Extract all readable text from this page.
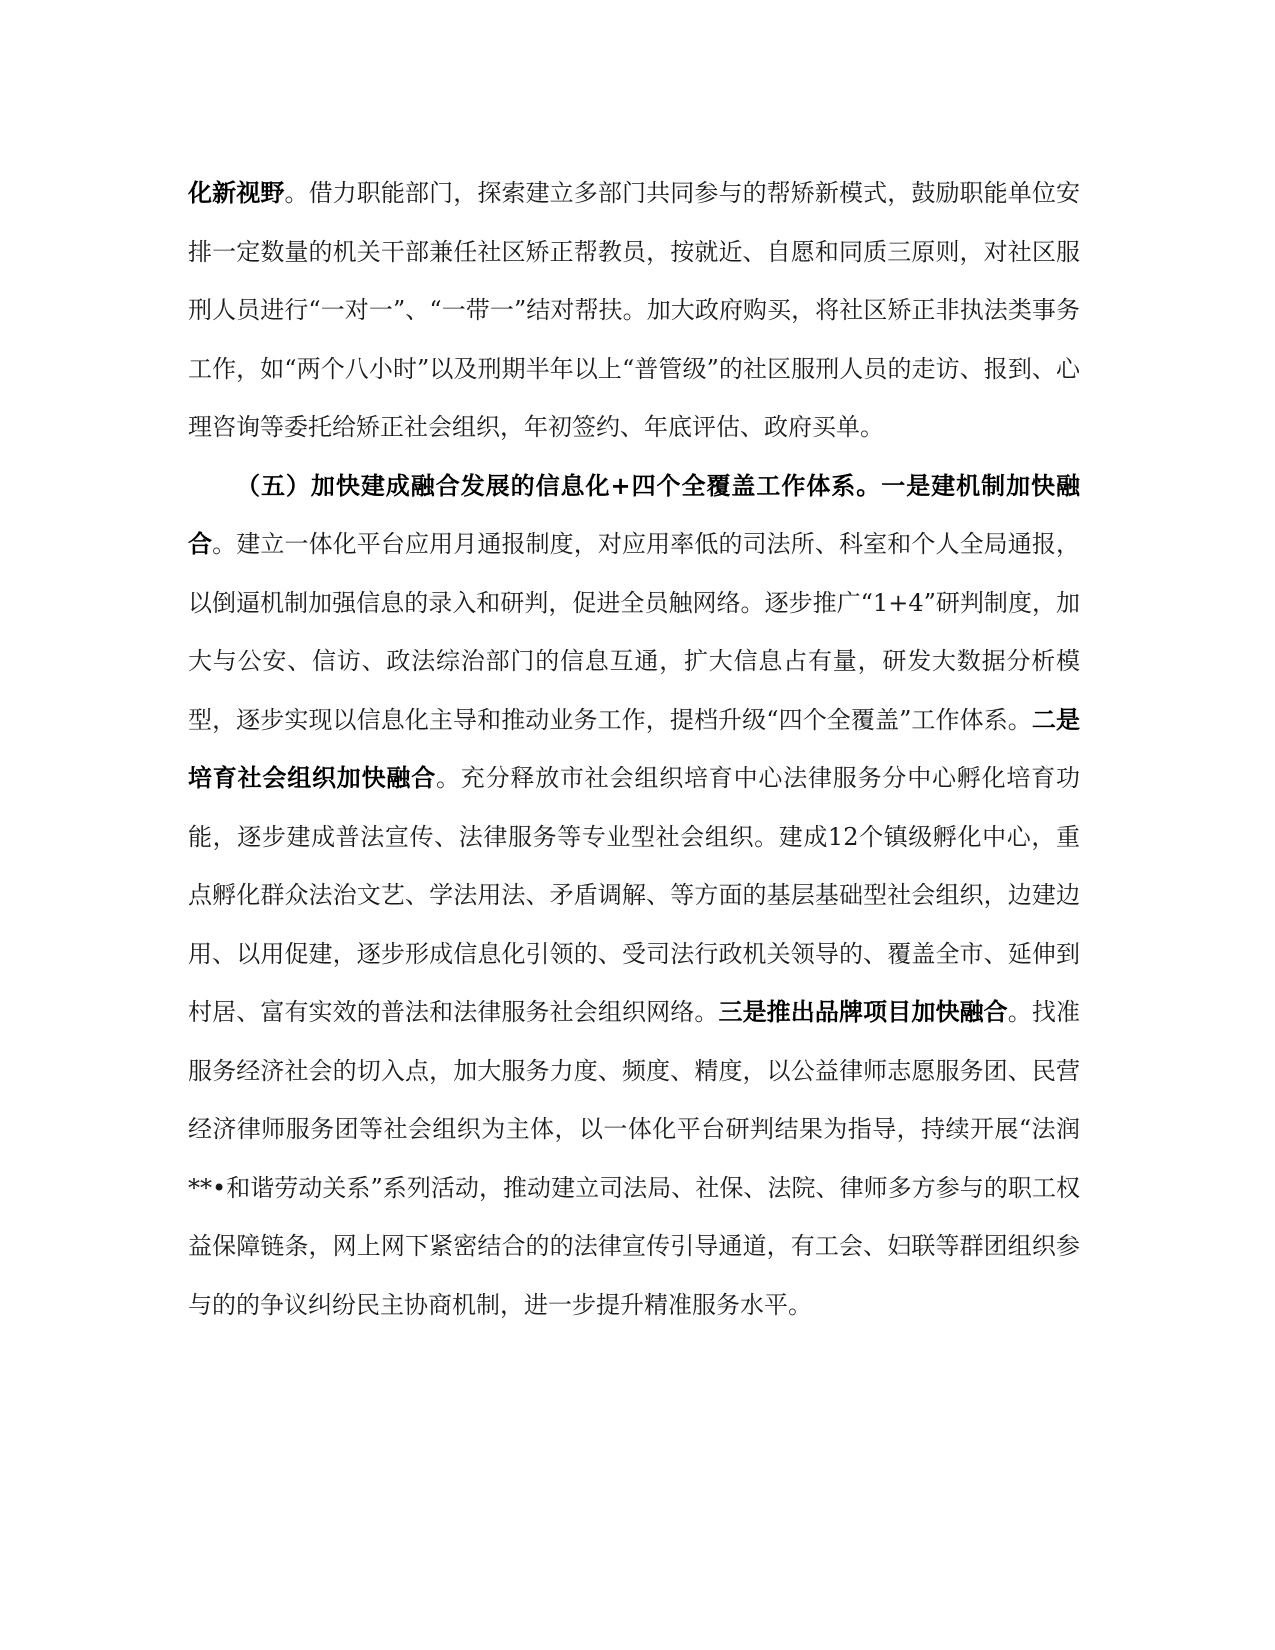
化新视野。借力职能部门，探索建立多部门共同参与的帮矫新模式，鼓励职能单位安排一定数量的机关干部兼任社区矫正帮教员，按就近、自愿和同质三原则，对社区服刑人员进行“一对一”、“一带一”结对帮扶。加大政府购买，将社区矫正非执法类事务工作，如“两个八小时”以及刑期半年以上“普管级”的社区服刑人员的走访、报到、心理咨询等委托给矫正社会组织，年初签约、年底评估、政府买单。

（五）加快建成融合发展的信息化+四个全覆盖工作体系。一是建机制加快融合。建立一体化平台应用月通报制度，对应用率低的司法所、科室和个人全局通报，以倒逼机制加强信息的录入和研判，促进全员触网络。逐步推广“1+4”研判制度，加大与公安、信访、政法综治部门的信息互通，扩大信息占有量，研发大数据分析模型，逐步实现以信息化主导和推动业务工作，提档升级“四个全覆盖”工作体系。二是培育社会组织加快融合。充分释放市社会组织培育中心法律服务分中心孵化培育功能，逐步建成普法宣传、法律服务等专业型社会组织。建成12个镇级孵化中心，重点孵化群众法治文艺、学法用法、矛盾调解、等方面的基层基础型社会组织，边建边用、以用促建，逐步形成信息化引领的、受司法行政机关领导的、覆盖全市、延伸到村居、富有实效的普法和法律服务社会组织网络。三是推出品牌项目加快融合。找准服务经济社会的切入点，加大服务力度、频度、精度，以公益律师志愿服务团、民营经济律师服务团等社会组织为主体，以一体化平台研判结果为指导，持续开展“法润**•和谐劳动关系”系列活动，推动建立司法局、社保、法院、律师多方参与的职工权益保障链条，网上网下紧密结合的的法律宣传引导通道，有工会、妇联等群团组织参与的的争议纠纷民主协商机制，进一步提升精准服务水平。
